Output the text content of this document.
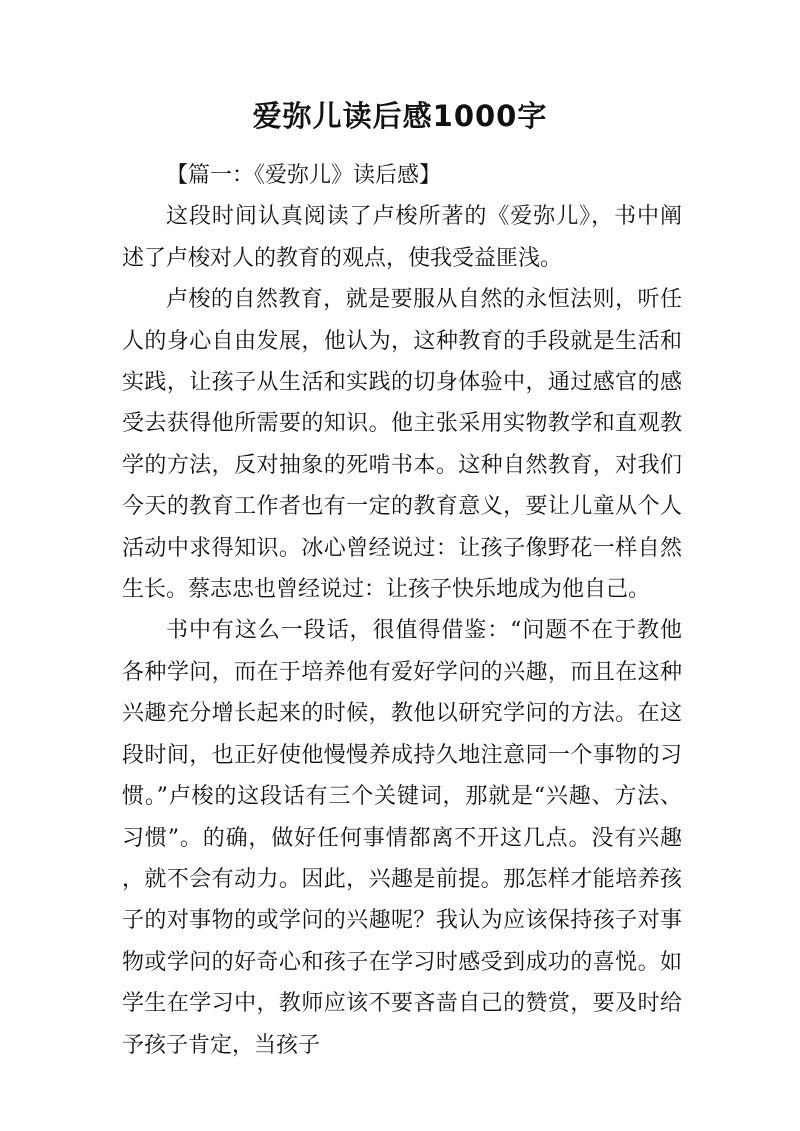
爱弥儿读后感1000字

【篇一：《爱弥儿》读后感】

这段时间认真阅读了卢梭所著的《爱弥儿》，书中阐述了卢梭对人的教育的观点，使我受益匪浅。

卢梭的自然教育，就是要服从自然的永恒法则，听任人的身心自由发展，他认为，这种教育的手段就是生活和实践，让孩子从生活和实践的切身体验中，通过感官的感受去获得他所需要的知识。他主张采用实物教学和直观教学的方法，反对抽象的死啃书本。这种自然教育，对我们今天的教育工作者也有一定的教育意义，要让儿童从个人活动中求得知识。冰心曾经说过：让孩子像野花一样自然生长。蔡志忠也曾经说过：让孩子快乐地成为他自己。

书中有这么一段话，很值得借鉴：“问题不在于教他各种学问，而在于培养他有爱好学问的兴趣，而且在这种兴趣充分增长起来的时候，教他以研究学问的方法。在这段时间，也正好使他慢慢养成持久地注意同一个事物的习惯。”卢梭的这段话有三个关键词，那就是“兴趣、方法、习惯”。的确，做好任何事情都离不开这几点。没有兴趣，就不会有动力。因此，兴趣是前提。那怎样才能培养孩子的对事物的或学问的兴趣呢？我认为应该保持孩子对事物或学问的好奇心和孩子在学习时感受到成功的喜悦。如学生在学习中，教师应该不要吝啬自己的赞赏，要及时给予孩子肯定，当孩子
